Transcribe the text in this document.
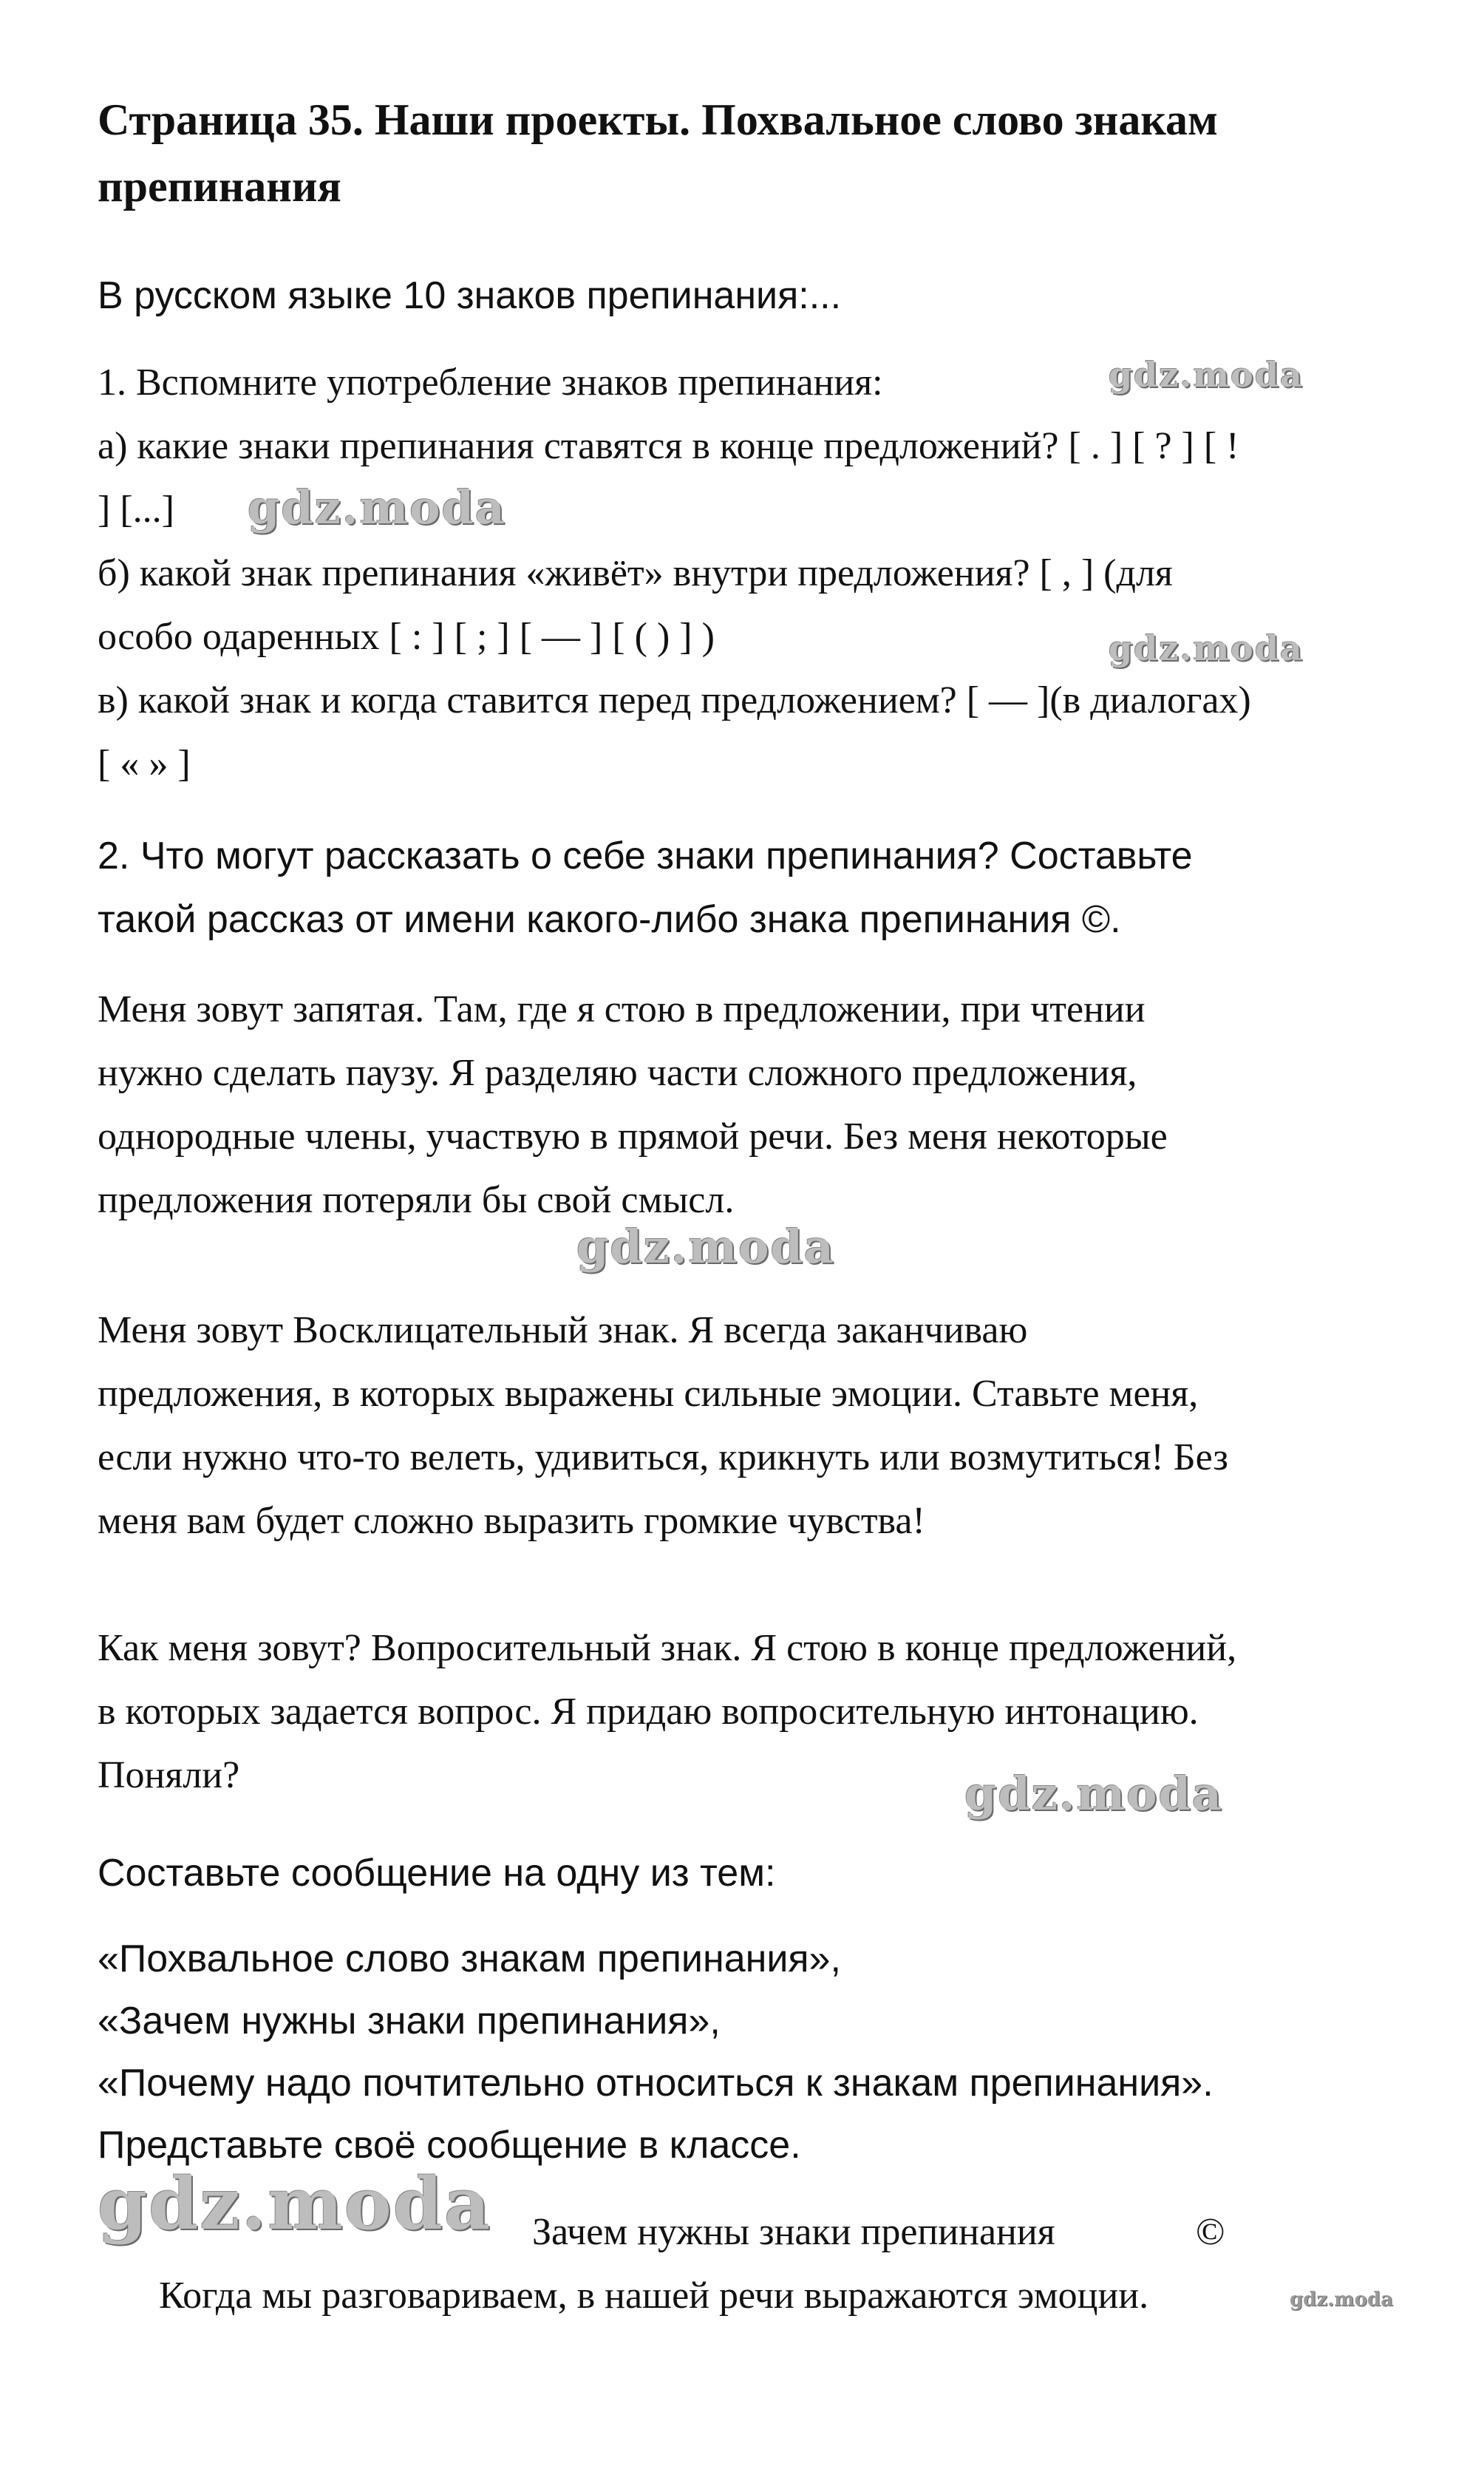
Страница 35. Наши проекты. Похвальное слово знакам
препинания
В русском языке 10 знаков препинания:...
1. Вспомните употребление знаков препинания:
а) какие знаки препинания ставятся в конце предложений? [ . ] [ ? ] [ !
] [...]
б) какой знак препинания «живёт» внутри предложения? [ , ] (для
особо одаренных [ : ] [ ; ] [ — ] [ ( ) ] )
в) какой знак и когда ставится перед предложением? [ — ](в диалогах)
[ « » ]
2. Что могут рассказать о себе знаки препинания? Составьте
такой рассказ от имени какого-либо знака препинания ©.
Меня зовут запятая. Там, где я стою в предложении, при чтении
нужно сделать паузу. Я разделяю части сложного предложения,
однородные члены, участвую в прямой речи. Без меня некоторые
предложения потеряли бы свой смысл.
Меня зовут Восклицательный знак. Я всегда заканчиваю
предложения, в которых выражены сильные эмоции. Ставьте меня,
если нужно что-то велеть, удивиться, крикнуть или возмутиться! Без
меня вам будет сложно выразить громкие чувства!
Как меня зовут? Вопросительный знак. Я стою в конце предложений,
в которых задается вопрос. Я придаю вопросительную интонацию.
Поняли?
Составьте сообщение на одну из тем:
«Похвальное слово знакам препинания»,
«Зачем нужны знаки препинания»,
«Почему надо почтительно относиться к знакам препинания».
Представьте своё сообщение в классе.
Зачем нужны знаки препинания	©
Когда мы разговариваем, в нашей речи выражаются эмоции.
gdz.moda
gdz.moda
gdz.moda
gdz.moda
gdz.moda
gdz.moda
gdz.moda
